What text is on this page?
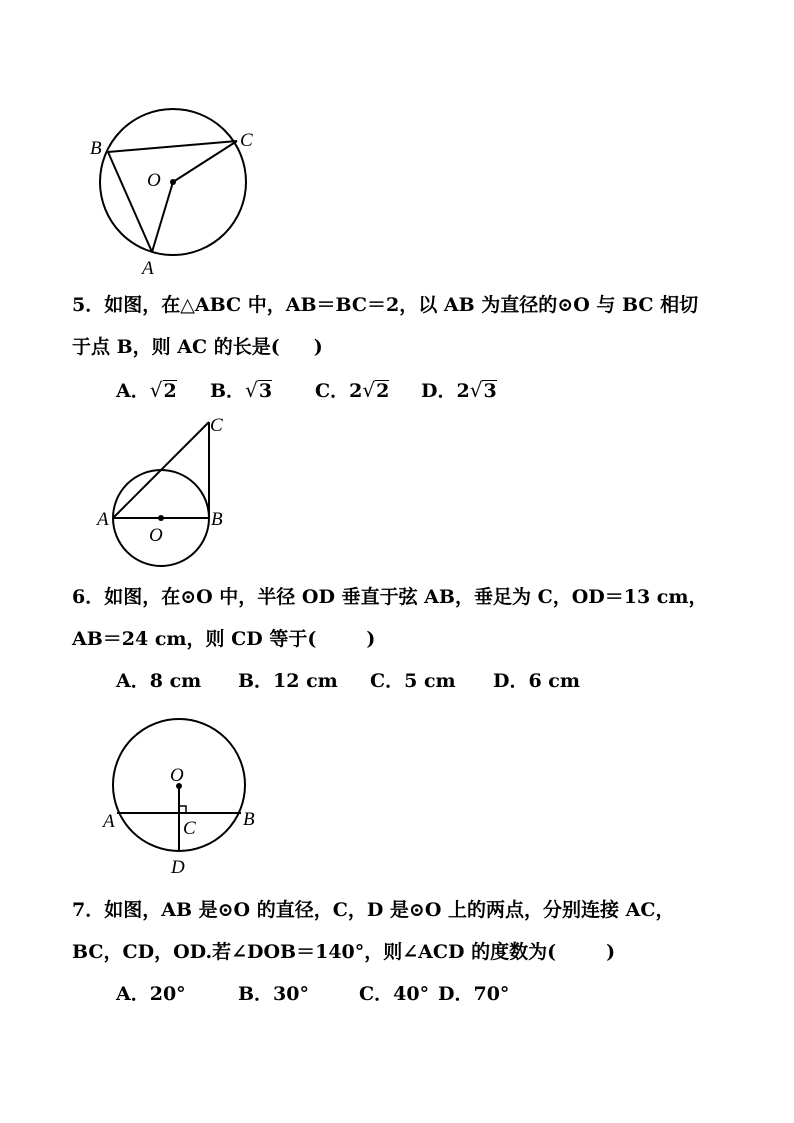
B	C
O
A
5．如图，在△ABC 中，AB＝BC＝2，以 AB 为直径的⊙O 与 BC 相切
于点 B，则 AC 的长是( )
A．√2 B．√3 C．2√2 D．2√3
C
A	B
O
6．如图，在⊙O 中，半径 OD 垂直于弦 AB，垂足为 C，OD＝13 cm，
AB＝24 cm，则 CD 等于(	)
A．8 cm B．12 cm C．5 cm D．6 cm
O
A	B
C
D
7．如图，AB 是⊙O 的直径，C，D 是⊙O 上的两点，分别连接 AC，
BC，CD，OD.若∠DOB＝140°，则∠ACD 的度数为(	)
A．20°	B．30°	C．40° D．70°
